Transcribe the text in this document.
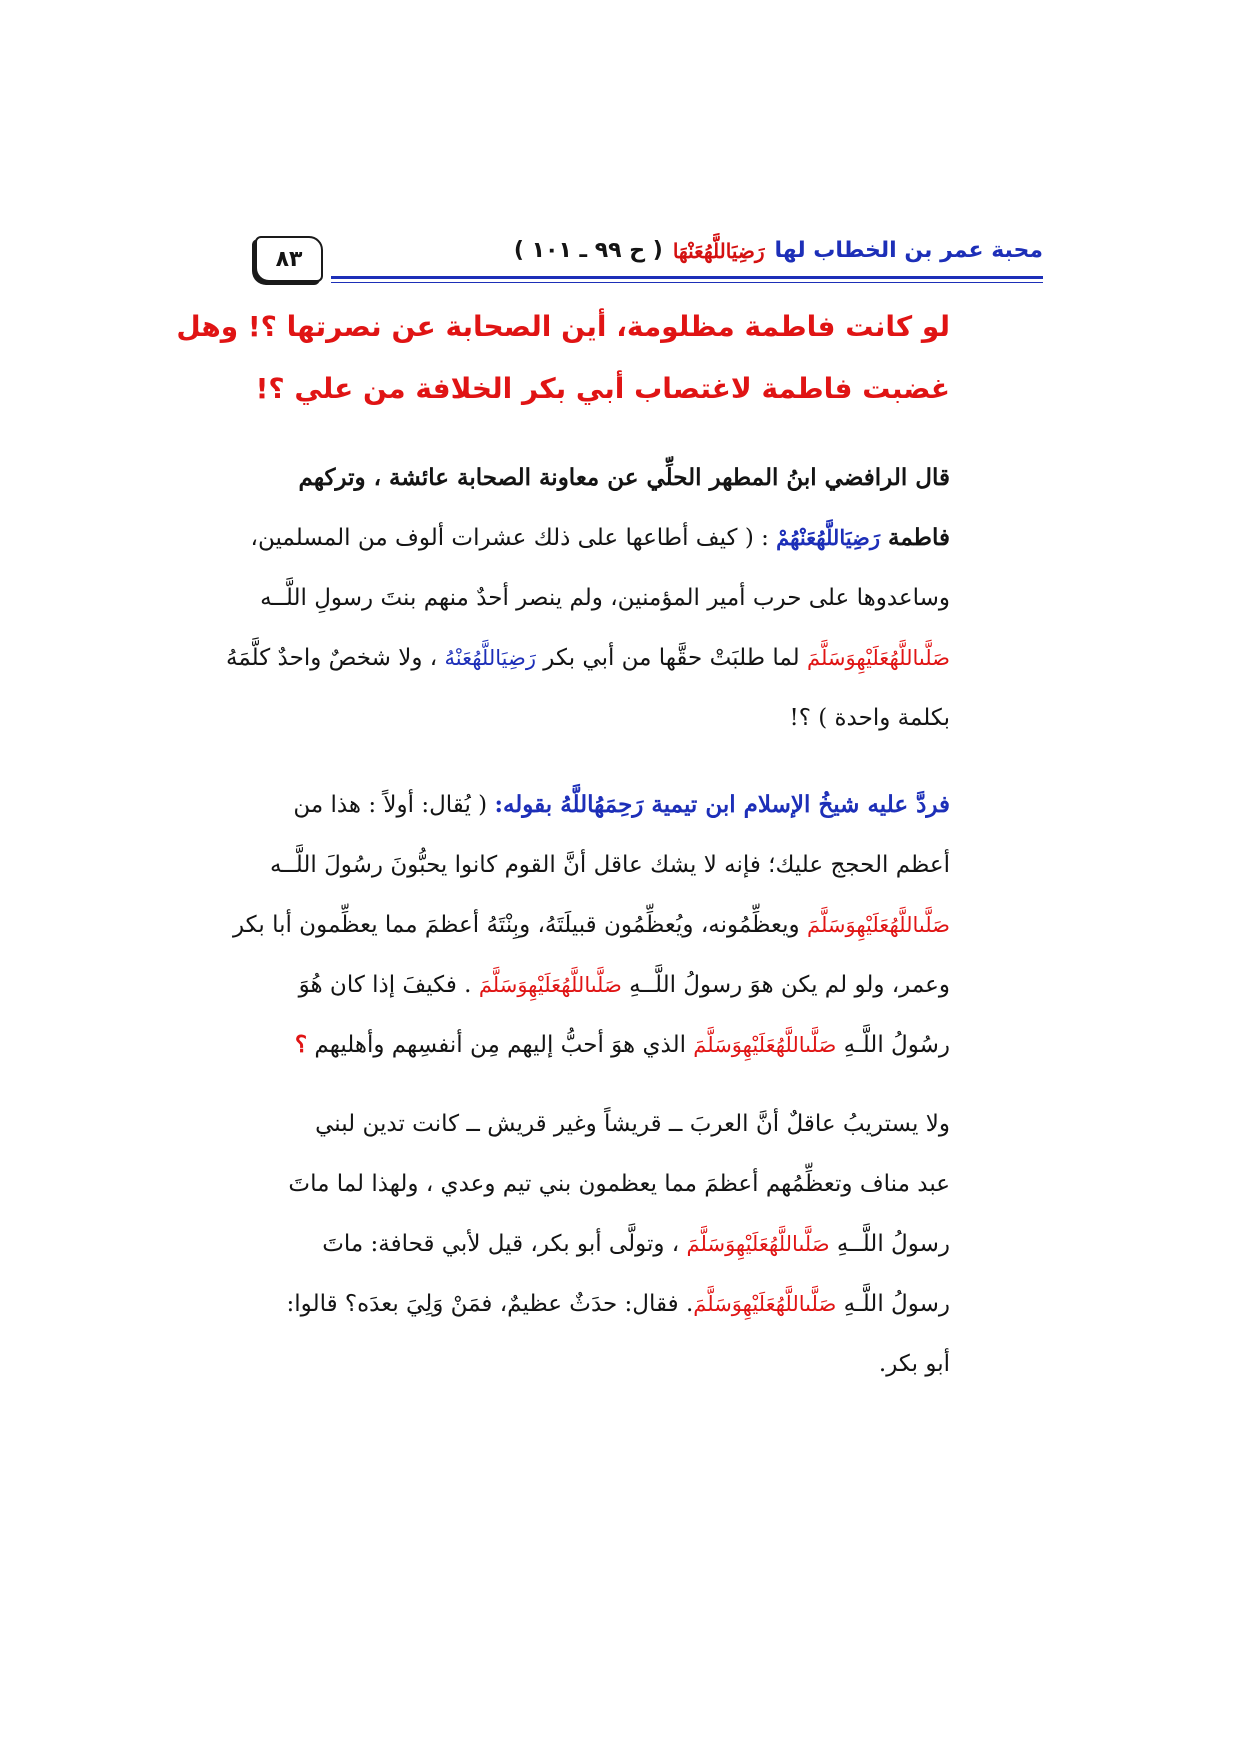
٨٣	محبة عمر بن الخطاب لها
رَضِيَاللَّهُعَنْهَا
( ح ٩٩ ـ ١٠١ )
لو كانت فاطمة مظلومة، أين الصحابة عن نصرتها ؟! وهل
غضبت فاطمة لاغتصاب أبي بكر الخلافة من علي ؟!
قال الرافضي ابنُ المطهر الحلِّي عن معاونة الصحابة عائشة ، وتركهم
فاطمة رَضِيَاللَّهُعَنْهُمْ : ( كيف أطاعها على ذلك عشرات ألوف من المسلمين،
وساعدوها على حرب أمير المؤمنين، ولم ينصر أحدٌ منهم بنتَ رسولِ اللَّــه
صَلَّىاللَّهُعَلَيْهِوَسَلَّمَ لما طلبَتْ حقَّها من أبي بكر رَضِيَاللَّهُعَنْهُ ، ولا شخصٌ واحدٌ كلَّمَهُ
بكلمة واحدة ) ؟!
فردَّ عليه شيخُ الإسلام ابن تيمية رَحِمَهُاللَّهُ بقوله: ( يُقال: أولاً : هذا من
أعظم الحجج عليك؛ فإنه لا يشك عاقل أنَّ القوم كانوا يحبُّونَ رسُولَ اللَّــه
صَلَّىاللَّهُعَلَيْهِوَسَلَّمَ ويعظِّمُونه، ويُعظِّمُون قبيلَتَهُ، وبِنْتَهُ أعظمَ مما يعظِّمون أبا بكر
وعمر، ولو لم يكن هوَ رسولُ اللَّــهِ صَلَّىاللَّهُعَلَيْهِوَسَلَّمَ . فكيفَ إذا كان هُوَ
رسُولُ اللَّـهِ صَلَّىاللَّهُعَلَيْهِوَسَلَّمَ الذي هوَ أحبُّ إليهم مِن أنفسِهم وأهليهم ؟
ولا يستريبُ عاقلٌ أنَّ العربَ ــ قريشاً وغير قريش ــ كانت تدين لبني
عبد مناف وتعظِّمُهم أعظمَ مما يعظمون بني تيم وعدي ، ولهذا لما ماتَ
رسولُ اللَّــهِ صَلَّىاللَّهُعَلَيْهِوَسَلَّمَ ، وتولَّى أبو بكر، قيل لأبي قحافة: ماتَ
رسولُ اللَّـهِ صَلَّىاللَّهُعَلَيْهِوَسَلَّمَ. فقال: حدَثٌ عظيمٌ، فمَنْ وَلِيَ بعدَه؟ قالوا:
أبو بكر.
